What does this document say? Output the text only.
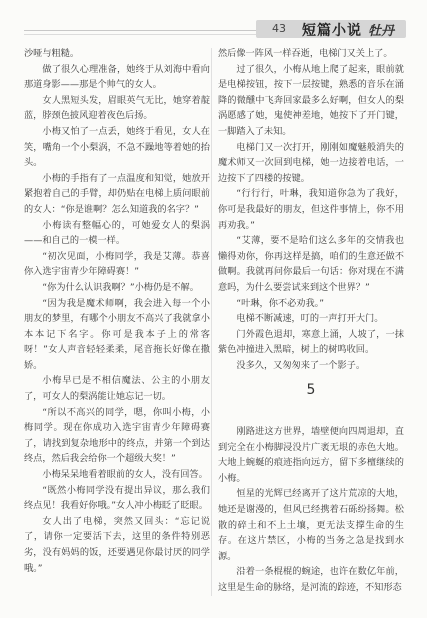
43 短篇小说 牡丹

沙哑与粗糙。

做了很久心理准备，她终于从刘海中看向那道身影——那是个帅气的女人。

女人黑短头发，眉眼英气无比，她穿着靛蓝，脖颈色披风迎着夜色后扬。

小梅又怕了一点丢，她终于看见，女人在笑，嘴角一个小梨涡，不急不躁地等着她的抬头。

小梅的手指有了一点温度和知觉，她放开紧抱着自己的手臂，却仍贴在电梯上质问眼前的女人：“你是谁啊？怎么知道我的名字？”

小梅读有整幅心的，可她爱女人的梨涡——和自己的一模一样。

“初次见面，小梅同学，我是艾薄。恭喜你入选宇宙青少年障碍赛！”

“你为什么认识我啊？”小梅仍是不解。

“因为我是魔术师啊，我会进入每一个小朋友的梦里，有哪个小朋友不高兴了我就拿小本本记下名字。你可是我本子上的常客呀！”女人声音轻轻柔柔，尾音拖长好像在撒娇。

小梅早已是不相信魔法、公主的小朋友了，可女人的梨涡能让她忘记一切。

“所以不高兴的同学，嗯，你叫小梅，小梅同学。现在你成功入选宇宙青少年障碍赛了，请找到复杂地形中的终点，并第一个到达终点，然后我会给你一个超级大奖！”

小梅呆呆地看着眼前的女人，没有回答。

“既然小梅同学没有提出异议，那么我们终点见！我看好你哦。”女人冲小梅眨了眨眼。

女人出了电梯，突然又回头：“忘记说了，请你一定要活下去，这里的条件特别恶劣，没有妈妈的饭，还要遇见你最讨厌的同学哦。”

然后像一阵风一样吞逝，电梯门又关上了。

过了很久，小梅从地上爬了起来，眼前就是电梯按钮，按下一层按键，熟悉的音乐在涌降的微醺中飞奔回家最多么好啊，但女人的梨涡愿感了她，鬼使神差地，她按下了开门键，一脚踏入了未知。

电梯门又一次打开，刚刚如魔魅般消失的魔术师又一次回到电梯，她一边接着电话，一边按下了四楼的按键。

“行行行，叶琳，我知道你急为了我好，你可是我最好的朋友，但这件事情上，你不用再劝我。”

“艾薄，要不是哈们这么多年的交情我也懒得劝你，你再这样是搞，咱们的生意还做不做啊。我就再问你最后一句话：你对现在不满意吗，为什么要尝试来到这个世界？”

“叶琳，你不必劝我。”

电梯不断减速，叮的一声打开大门。

门外霞色退却，寒意上涌，人坡了，一抹紫色冲撞进入黑暗，树上的树鸣收回。

没多久，又匆匆来了一个影子。

5

刚路进这方世界，墙壁便向四周退却，直到完全在小梅脚浸没片广袤无垠的赤色大地。大地上蜿蜒的痕迹指向远方，留下多檀继续的小梅。

恒星的光辉已经离开了这片荒凉的大地，她还是谢漫的，但风已经携着石砾纷扬舞。松散的碎土和不上土壤，更无法支撑生命的生存。在这片禁区，小梅的当务之急是找到水源。

沿着一条棍棍的蜿途，也许在数亿年前，这里是生命的脉络，是河流的踪迹，不知形态
